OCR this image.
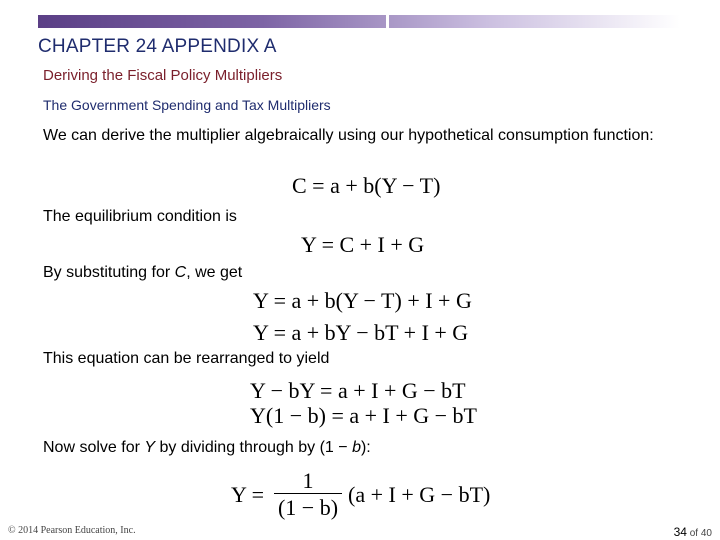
CHAPTER 24 APPENDIX A
Deriving the Fiscal Policy Multipliers
The Government Spending and Tax Multipliers
We can derive the multiplier algebraically using our hypothetical consumption function:
C = a + b(Y − T)
The equilibrium condition is
Y = C + I + G
By substituting for C, we get
Y = a + b(Y − T) + I + G
Y = a + bY − bT + I + G
This equation can be rearranged to yield
Y − bY = a + I + G − bT
Y(1 − b) = a + I + G − bT
Now solve for Y by dividing through by (1 − b):
$Y = \frac{1}{(1 - b)} (a + I + G - bT)$
© 2014 Pearson Education, Inc.	34 of 40
